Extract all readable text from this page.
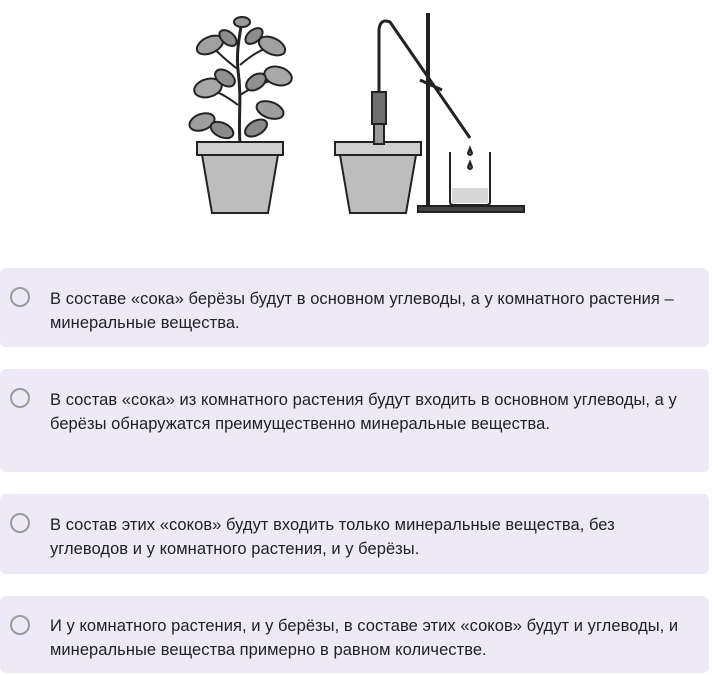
В составе «сока» берёзы будут в основном углеводы, а у комнатного растения – минеральные вещества.
В состав «сока» из комнатного растения будут входить в основном углеводы, а у берёзы обнаружатся преимущественно минеральные вещества.
В состав этих «соков» будут входить только минеральные вещества, без углеводов и у комнатного растения, и у берёзы.
И у комнатного растения, и у берёзы, в составе этих «соков» будут и углеводы, и минеральные вещества примерно в равном количестве.
